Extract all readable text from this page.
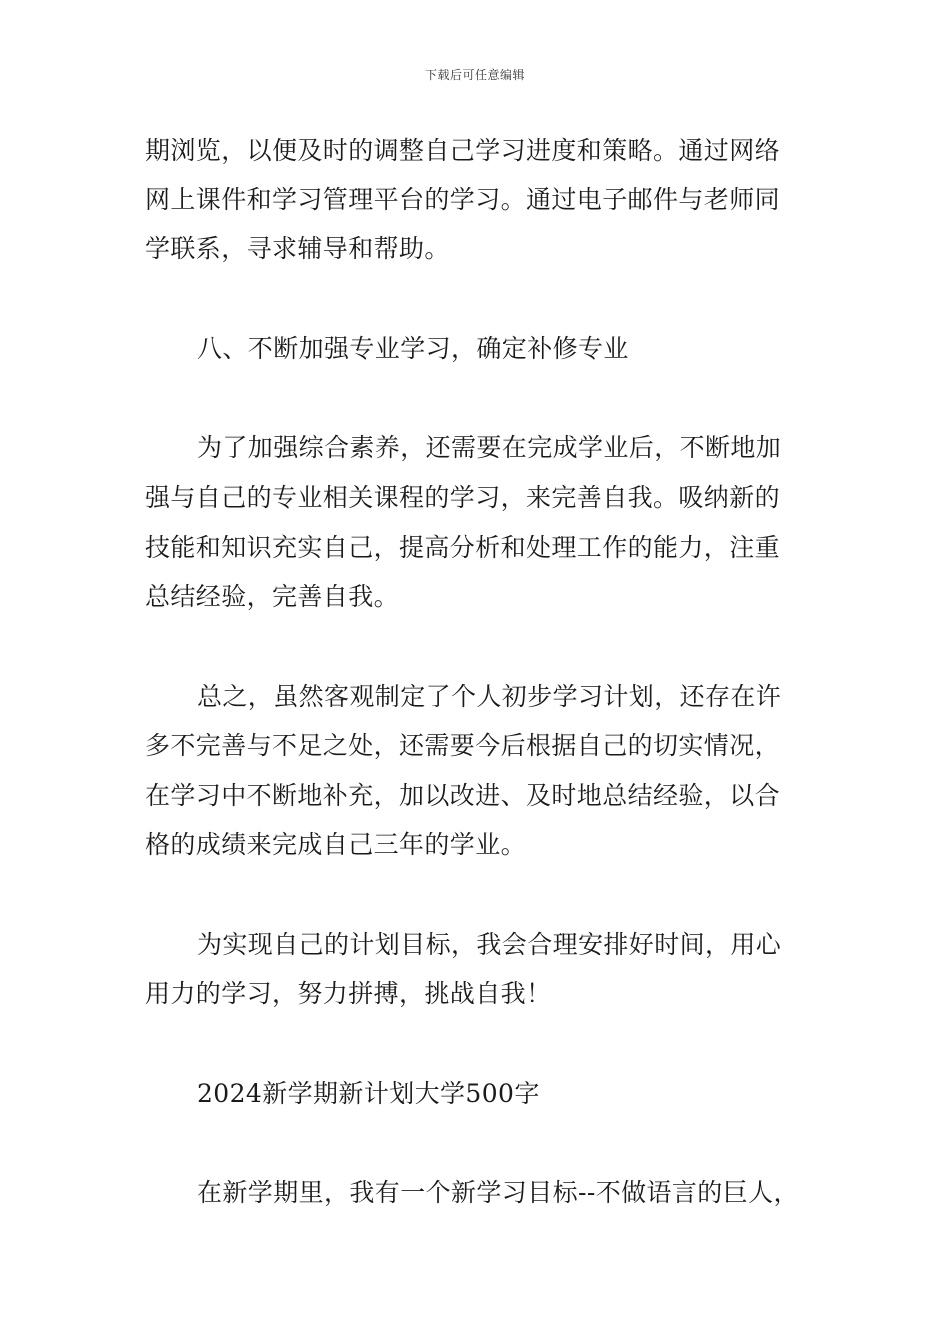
下载后可任意编辑

期浏览，以便及时的调整自己学习进度和策略。通过网络

网上课件和学习管理平台的学习。通过电子邮件与老师同

学联系，寻求辅导和帮助。

八、不断加强专业学习，确定补修专业

为了加强综合素养，还需要在完成学业后，不断地加

强与自己的专业相关课程的学习，来完善自我。吸纳新的

技能和知识充实自己，提高分析和处理工作的能力，注重

总结经验，完善自我。

总之，虽然客观制定了个人初步学习计划，还存在许

多不完善与不足之处，还需要今后根据自己的切实情况，

在学习中不断地补充，加以改进、及时地总结经验，以合

格的成绩来完成自己三年的学业。

为实现自己的计划目标，我会合理安排好时间，用心

用力的学习，努力拼搏，挑战自我！

2024新学期新计划大学500字

在新学期里，我有一个新学习目标--不做语言的巨人，
